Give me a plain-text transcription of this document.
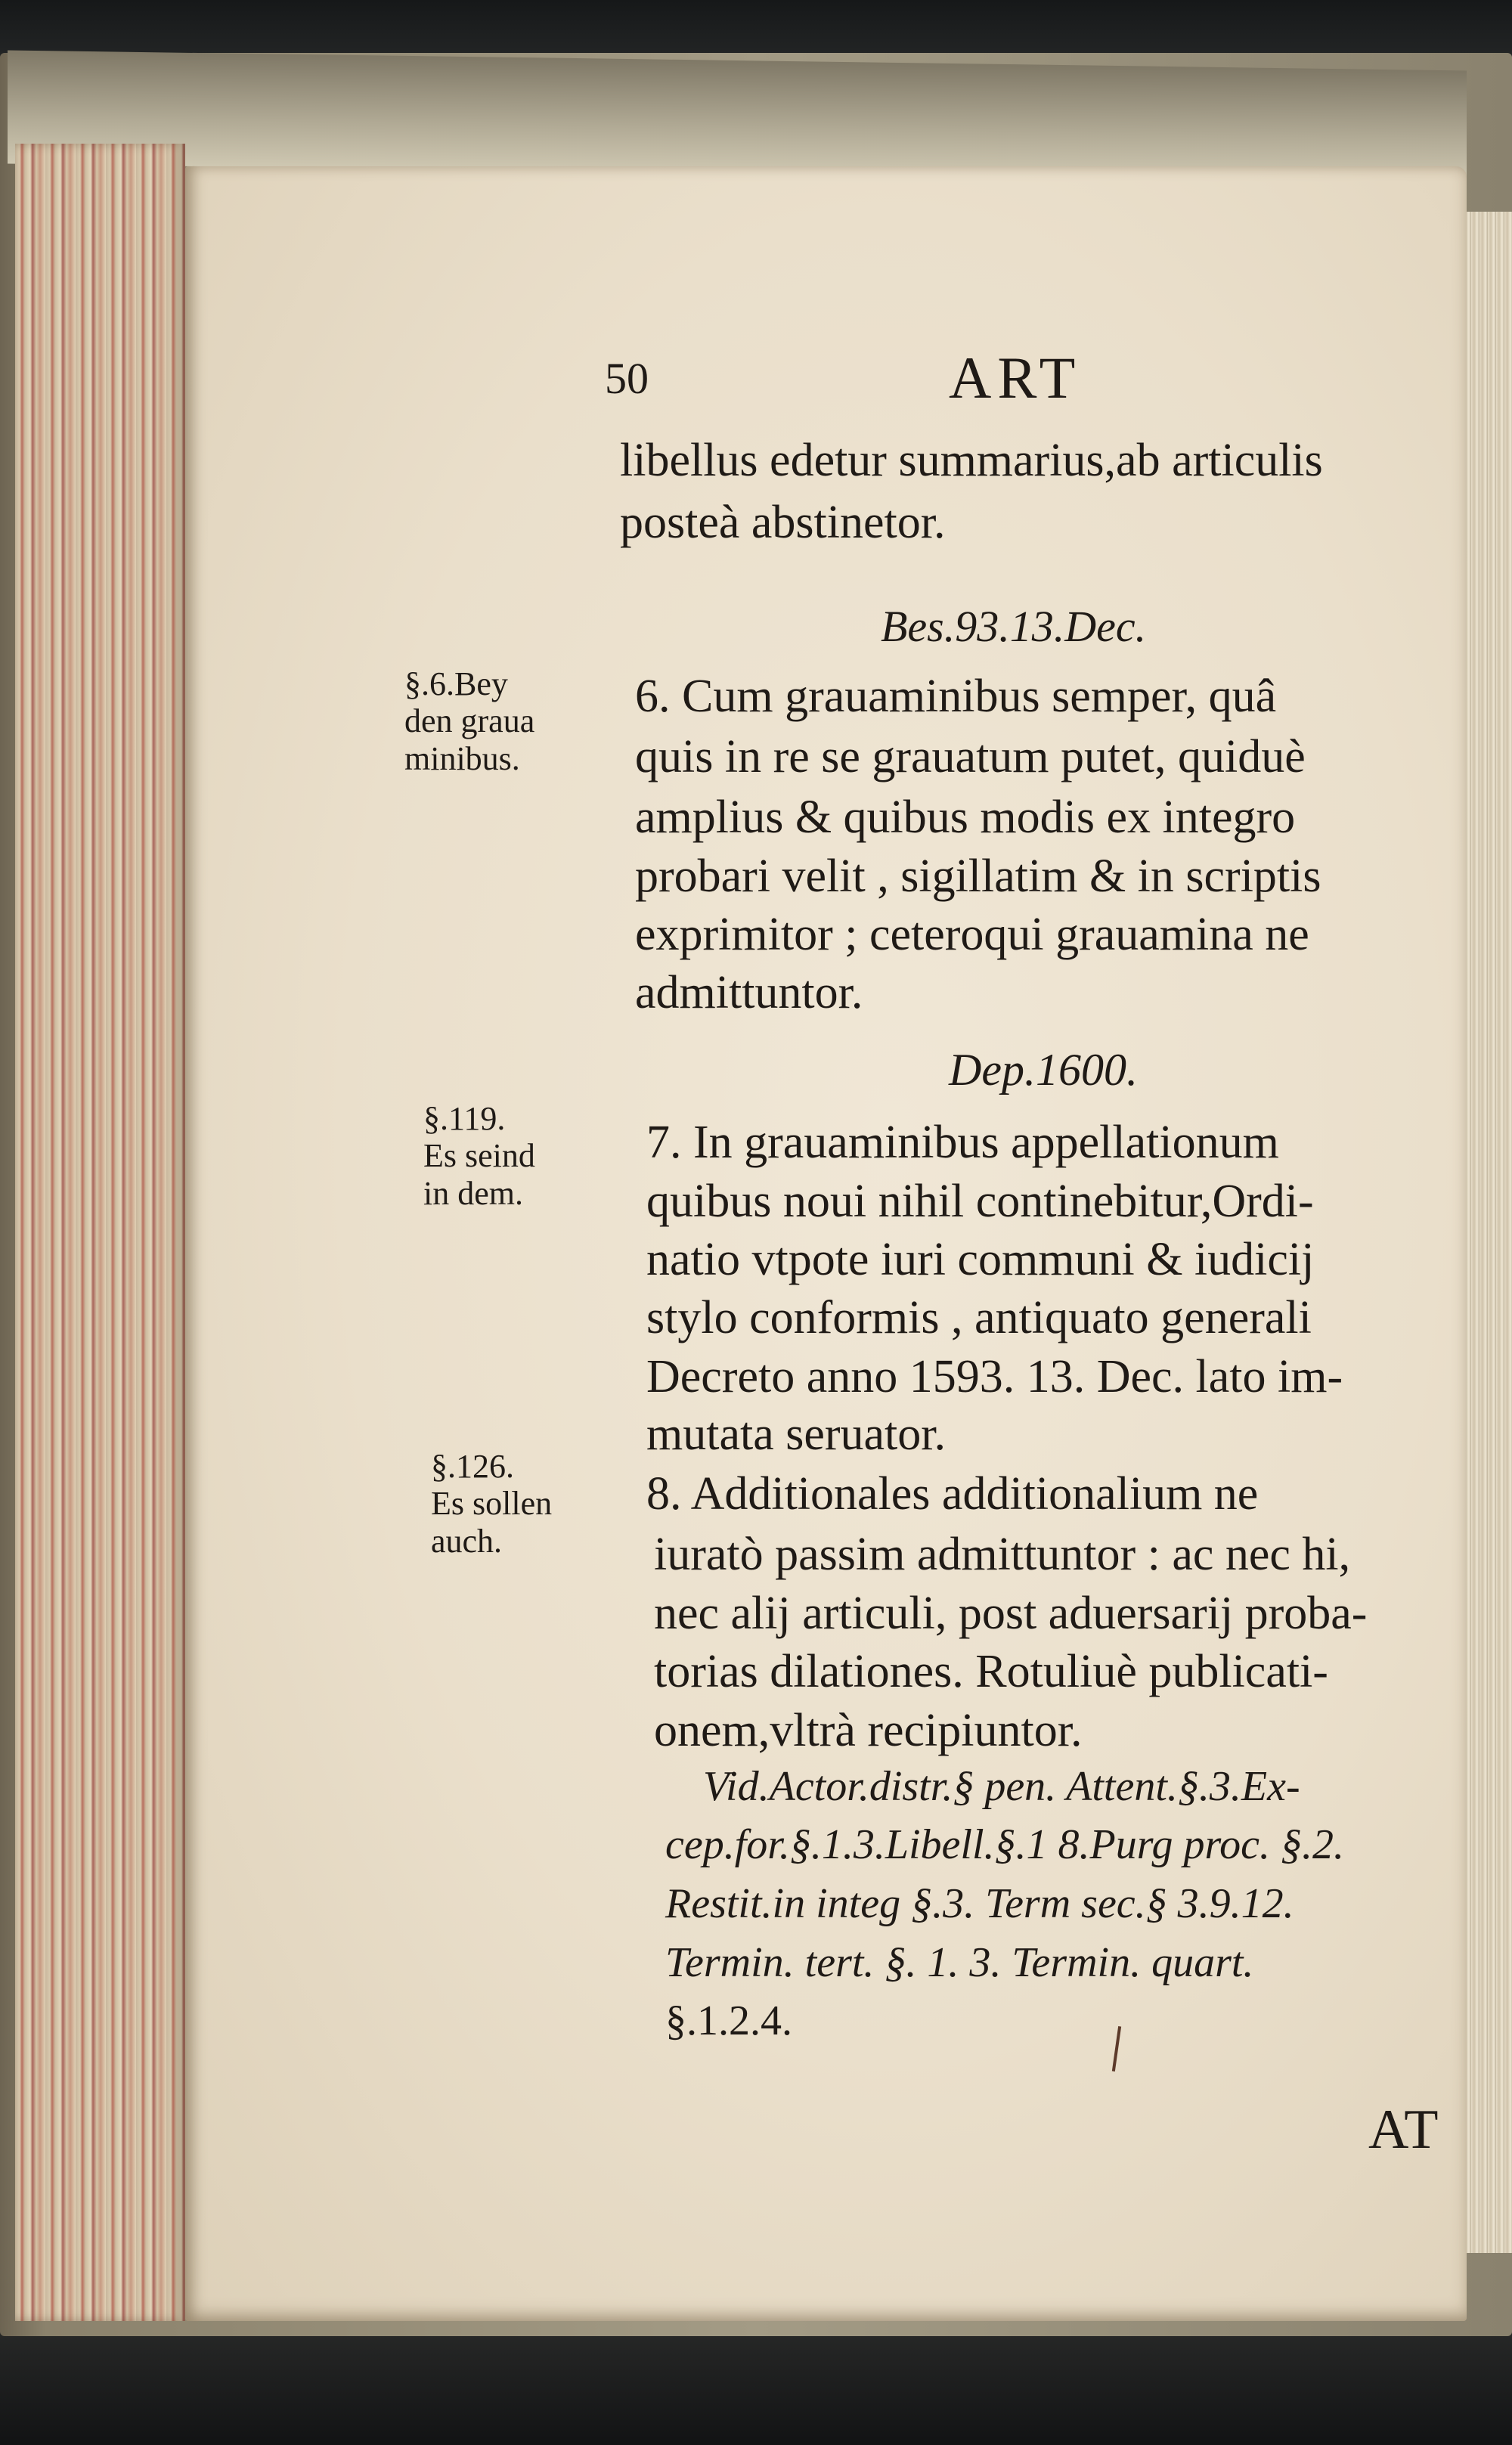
50	ART
libellus edetur summarius,ab articulis
posteà abstinetor.
Bes.93.13.Dec.
6. Cum grauaminibus semper, quâ
quis in re se grauatum putet, quiduè
amplius & quibus modis ex integro
probari velit , sigillatim & in scriptis
exprimitor ; ceteroqui grauamina ne
admittuntor.
Dep.1600.
7. In grauaminibus appellationum
quibus noui nihil continebitur,Ordi-
natio vtpote iuri communi & iudicij
stylo conformis , antiquato generali
Decreto anno 1593. 13. Dec. lato im-
mutata seruator.
8. Additionales additionalium ne
iuratò passim admittuntor : ac nec hi,
nec alij articuli, post aduersarij proba-
torias dilationes. Rotuliuè publicati-
onem,vltrà recipiuntor.
Vid.Actor.distr.§ pen. Attent.§.3.Ex-
cep.for.§.1.3.Libell.§.1 8.Purg proc. §.2.
Restit.in integ §.3. Term sec.§ 3.9.12.
Termin. tert. §. 1. 3. Termin. quart.
§.1.2.4.
§.6.Bey
den graua
minibus.
§.119.
Es seind
in dem.
§.126.
Es sollen
auch.
AT
